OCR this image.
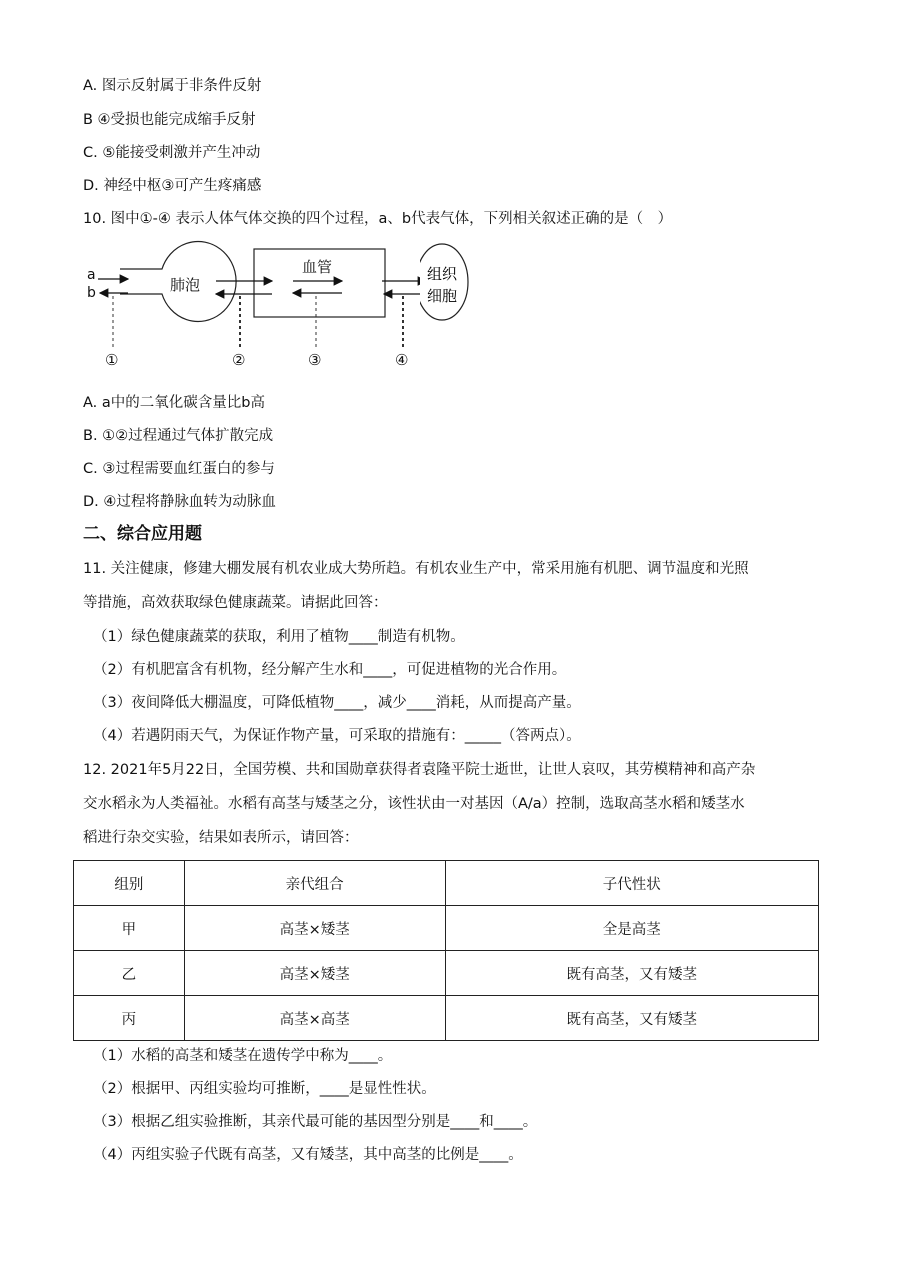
A. 图示反射属于非条件反射
B ④受损也能完成缩手反射
C. ⑤能接受刺激并产生冲动
D. 神经中枢③可产生疼痛感
10. 图中①-④ 表示人体气体交换的四个过程，a、b代表气体，下列相关叙述正确的是（　）
肺泡
a
b
血管
①	②	③	④
组织
细胞
A. a中的二氧化碳含量比b高
B. ①②过程通过气体扩散完成
C. ③过程需要血红蛋白的参与
D. ④过程将静脉血转为动脉血
二、综合应用题
11. 关注健康，修建大棚发展有机农业成大势所趋。有机农业生产中，常采用施有机肥、调节温度和光照
等措施，高效获取绿色健康蔬菜。请据此回答：
（1）绿色健康蔬菜的获取，利用了植物____制造有机物。
（2）有机肥富含有机物，经分解产生水和____，可促进植物的光合作用。
（3）夜间降低大棚温度，可降低植物____，减少____消耗，从而提高产量。
（4）若遇阴雨天气，为保证作物产量，可采取的措施有：_____（答两点）。
12. 2021年5月22日，全国劳模、共和国勋章获得者袁隆平院士逝世，让世人哀叹，其劳模精神和高产杂
交水稻永为人类福祉。水稻有高茎与矮茎之分，该性状由一对基因（A/a）控制，选取高茎水稻和矮茎水
稻进行杂交实验，结果如表所示，请回答：
组别	亲代组合	子代性状
甲	高茎×矮茎	全是高茎
乙	高茎×矮茎	既有高茎，又有矮茎
丙	高茎×高茎	既有高茎，又有矮茎
（1）水稻的高茎和矮茎在遗传学中称为____。
（2）根据甲、丙组实验均可推断，____是显性性状。
（3）根据乙组实验推断，其亲代最可能的基因型分别是____和____。
（4）丙组实验子代既有高茎，又有矮茎，其中高茎的比例是____。
